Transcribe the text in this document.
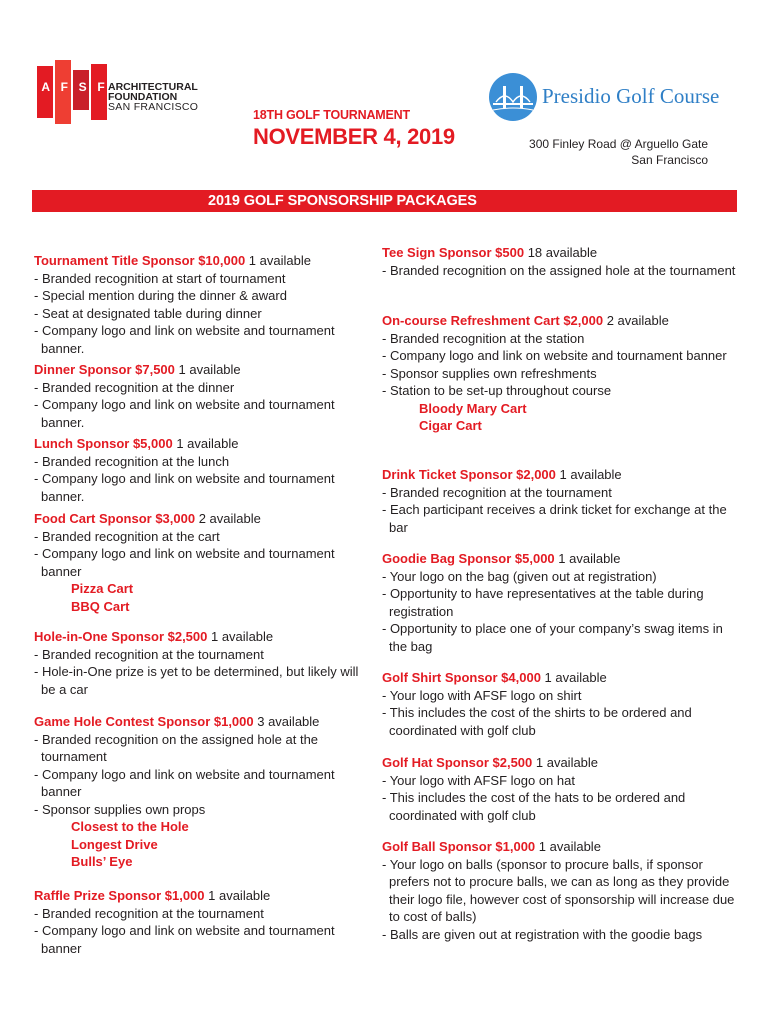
A F S F ARCHITECTURAL
FOUNDATION
SAN FRANCISCO
18TH GOLF TOURNAMENT
NOVEMBER 4, 2019
Presidio Golf Course
300 Finley Road @ Arguello Gate
San Francisco
2019 GOLF SPONSORSHIP PACKAGES
Tournament Title Sponsor $10,000 1 available
- Branded recognition at start of tournament
- Special mention during the dinner & award
- Seat at designated table during dinner
- Company logo and link on website and tournament banner.
Dinner Sponsor $7,500 1 available
- Branded recognition at the dinner
- Company logo and link on website and tournament banner.
Lunch Sponsor $5,000 1 available
- Branded recognition at the lunch
- Company logo and link on website and tournament banner.
Food Cart Sponsor $3,000 2 available
- Branded recognition at the cart
- Company logo and link on website and tournament banner
Pizza Cart
BBQ Cart
Hole-in-One Sponsor $2,500 1 available
- Branded recognition at the tournament
- Hole-in-One prize is yet to be determined, but likely will be a car
Game Hole Contest Sponsor $1,000 3 available
- Branded recognition on the assigned hole at the tournament
- Company logo and link on website and tournament banner
- Sponsor supplies own props
Closest to the Hole
Longest Drive
Bulls’ Eye
Raffle Prize Sponsor $1,000 1 available
- Branded recognition at the tournament
- Company logo and link on website and tournament banner
Tee Sign Sponsor $500 18 available
- Branded recognition on the assigned hole at the tournament
On-course Refreshment Cart $2,000 2 available
- Branded recognition at the station
- Company logo and link on website and tournament banner
- Sponsor supplies own refreshments
- Station to be set-up throughout course
Bloody Mary Cart
Cigar Cart
Drink Ticket Sponsor $2,000 1 available
- Branded recognition at the tournament
- Each participant receives a drink ticket for exchange at the bar
Goodie Bag Sponsor $5,000 1 available
- Your logo on the bag (given out at registration)
- Opportunity to have representatives at the table during registration
- Opportunity to place one of your company’s swag items in the bag
Golf Shirt Sponsor $4,000 1 available
- Your logo with AFSF logo on shirt
- This includes the cost of the shirts to be ordered and coordinated with golf club
Golf Hat Sponsor $2,500 1 available
- Your logo with AFSF logo on hat
- This includes the cost of the hats to be ordered and coordinated with golf club
Golf Ball Sponsor $1,000 1 available
- Your logo on balls (sponsor to procure balls, if sponsor prefers not to procure balls, we can as long as they provide their logo file, however cost of sponsorship will increase due to cost of balls)
- Balls are given out at registration with the goodie bags
